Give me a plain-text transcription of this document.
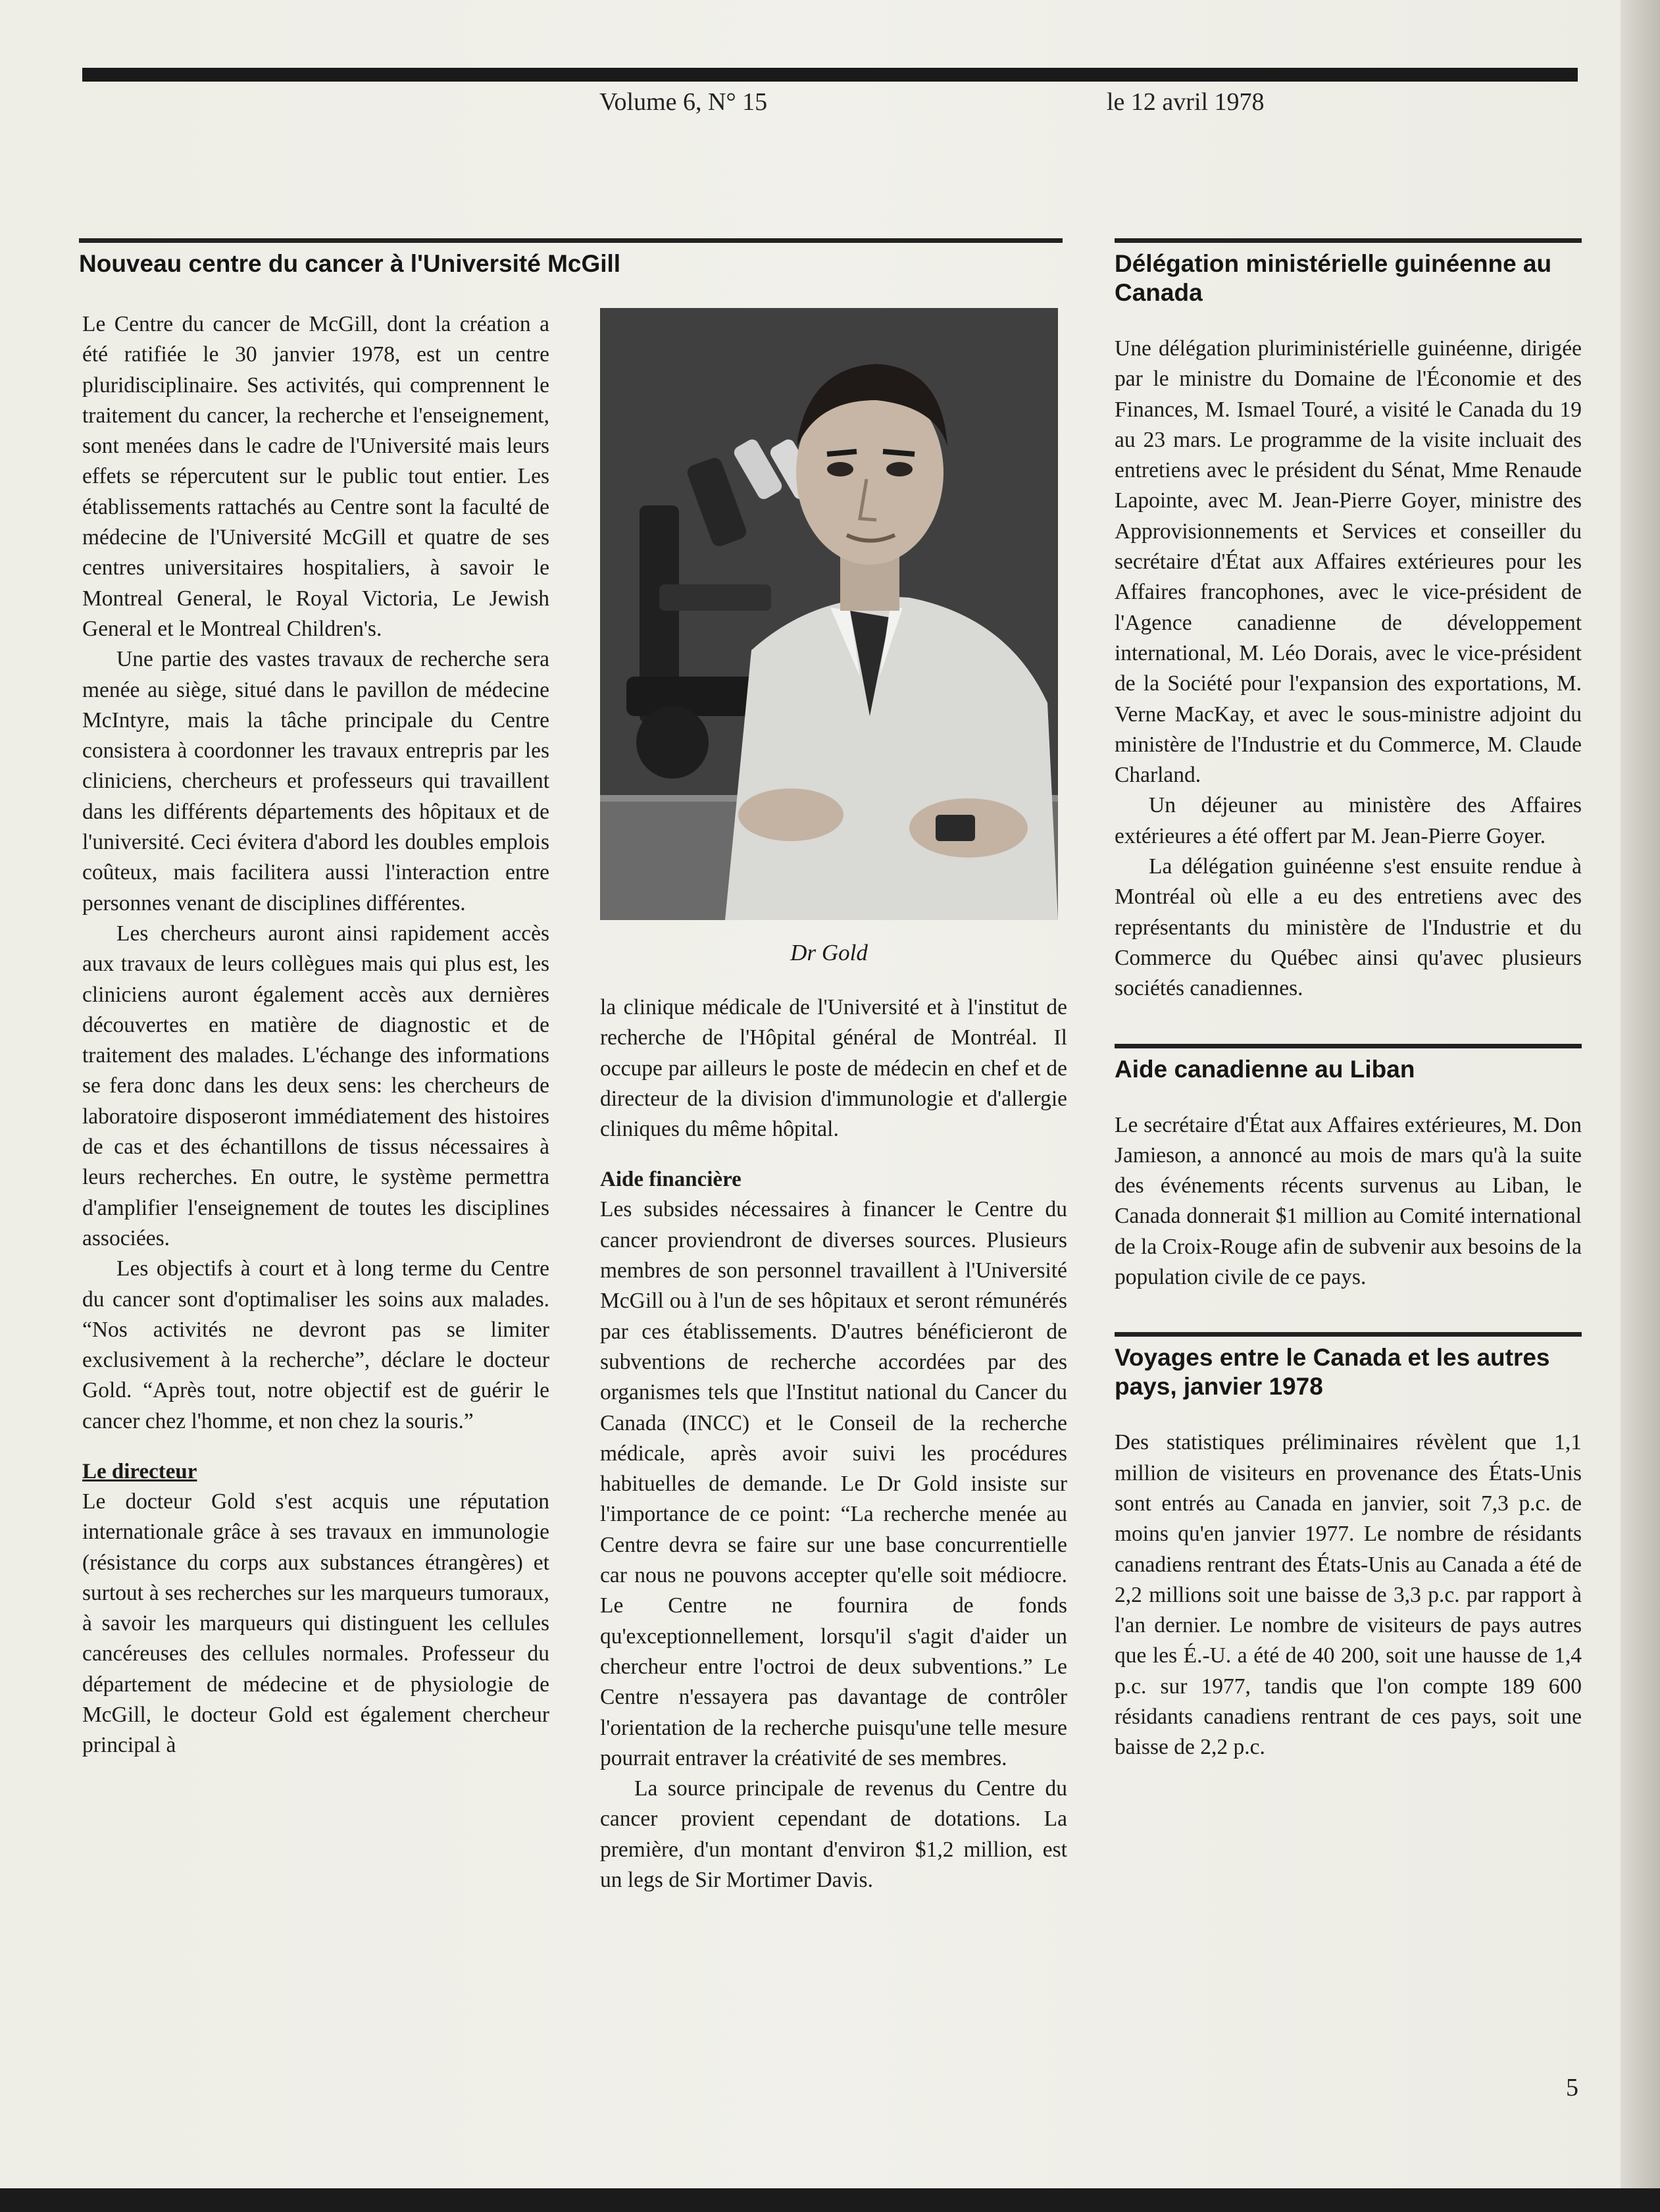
Volume 6, N° 15	le 12 avril 1978
Nouveau centre du cancer à l'Université McGill

Le Centre du cancer de McGill, dont la création a été ratifiée le 30 janvier 1978, est un centre pluridisciplinaire. Ses activités, qui comprennent le traitement du cancer, la recherche et l'enseignement, sont menées dans le cadre de l'Université mais leurs effets se répercutent sur le public tout entier. Les établissements rattachés au Centre sont la faculté de médecine de l'Université McGill et quatre de ses centres universitaires hospitaliers, à savoir le Montreal General, le Royal Victoria, Le Jewish General et le Montreal Children's.

Une partie des vastes travaux de recherche sera menée au siège, situé dans le pavillon de médecine McIntyre, mais la tâche principale du Centre consistera à coordonner les travaux entrepris par les cliniciens, chercheurs et professeurs qui travaillent dans les différents départements des hôpitaux et de l'université. Ceci évitera d'abord les doubles emplois coûteux, mais facilitera aussi l'interaction entre personnes venant de disciplines différentes.

Les chercheurs auront ainsi rapidement accès aux travaux de leurs collègues mais qui plus est, les cliniciens auront également accès aux dernières découvertes en matière de diagnostic et de traitement des malades. L'échange des informations se fera donc dans les deux sens: les chercheurs de laboratoire disposeront immédiatement des histoires de cas et des échantillons de tissus nécessaires à leurs recherches. En outre, le système permettra d'amplifier l'enseignement de toutes les disciplines associées.

Les objectifs à court et à long terme du Centre du cancer sont d'optimaliser les soins aux malades. “Nos activités ne devront pas se limiter exclusivement à la recherche”, déclare le docteur Gold. “Après tout, notre objectif est de guérir le cancer chez l'homme, et non chez la souris.”

Le directeur

Le docteur Gold s'est acquis une réputation internationale grâce à ses travaux en immunologie (résistance du corps aux substances étrangères) et surtout à ses recherches sur les marqueurs tumoraux, à savoir les marqueurs qui distinguent les cellules cancéreuses des cellules normales. Professeur du département de médecine et de physiologie de McGill, le docteur Gold est également chercheur principal à

Dr Gold

la clinique médicale de l'Université et à l'institut de recherche de l'Hôpital général de Montréal. Il occupe par ailleurs le poste de médecin en chef et de directeur de la division d'immunologie et d'allergie cliniques du même hôpital.

Aide financière

Les subsides nécessaires à financer le Centre du cancer proviendront de diverses sources. Plusieurs membres de son personnel travaillent à l'Université McGill ou à l'un de ses hôpitaux et seront rémunérés par ces établissements. D'autres bénéficieront de subventions de recherche accordées par des organismes tels que l'Institut national du Cancer du Canada (INCC) et le Conseil de la recherche médicale, après avoir suivi les procédures habituelles de demande. Le Dr Gold insiste sur l'importance de ce point: “La recherche menée au Centre devra se faire sur une base concurrentielle car nous ne pouvons accepter qu'elle soit médiocre. Le Centre ne fournira de fonds qu'exceptionnellement, lorsqu'il s'agit d'aider un chercheur entre l'octroi de deux subventions.” Le Centre n'essayera pas davantage de contrôler l'orientation de la recherche puisqu'une telle mesure pourrait entraver la créativité de ses membres.

La source principale de revenus du Centre du cancer provient cependant de dotations. La première, d'un montant d'environ $1,2 million, est un legs de Sir Mortimer Davis.

Délégation ministérielle guinéenne au Canada

Une délégation pluriministérielle guinéenne, dirigée par le ministre du Domaine de l'Économie et des Finances, M. Ismael Touré, a visité le Canada du 19 au 23 mars. Le programme de la visite incluait des entretiens avec le président du Sénat, Mme Renaude Lapointe, avec M. Jean-Pierre Goyer, ministre des Approvisionnements et Services et conseiller du secrétaire d'État aux Affaires extérieures pour les Affaires francophones, avec le vice-président de l'Agence canadienne de développement international, M. Léo Dorais, avec le vice-président de la Société pour l'expansion des exportations, M. Verne MacKay, et avec le sous-ministre adjoint du ministère de l'Industrie et du Commerce, M. Claude Charland.

Un déjeuner au ministère des Affaires extérieures a été offert par M. Jean-Pierre Goyer.

La délégation guinéenne s'est ensuite rendue à Montréal où elle a eu des entretiens avec des représentants du ministère de l'Industrie et du Commerce du Québec ainsi qu'avec plusieurs sociétés canadiennes.

Aide canadienne au Liban

Le secrétaire d'État aux Affaires extérieures, M. Don Jamieson, a annoncé au mois de mars qu'à la suite des événements récents survenus au Liban, le Canada donnerait $1 million au Comité international de la Croix-Rouge afin de subvenir aux besoins de la population civile de ce pays.

Voyages entre le Canada et les autres pays, janvier 1978

Des statistiques préliminaires révèlent que 1,1 million de visiteurs en provenance des États-Unis sont entrés au Canada en janvier, soit 7,3 p.c. de moins qu'en janvier 1977. Le nombre de résidants canadiens rentrant des États-Unis au Canada a été de 2,2 millions soit une baisse de 3,3 p.c. par rapport à l'an dernier. Le nombre de visiteurs de pays autres que les É.-U. a été de 40 200, soit une hausse de 1,4 p.c. sur 1977, tandis que l'on compte 189 600 résidants canadiens rentrant de ces pays, soit une baisse de 2,2 p.c.

5
